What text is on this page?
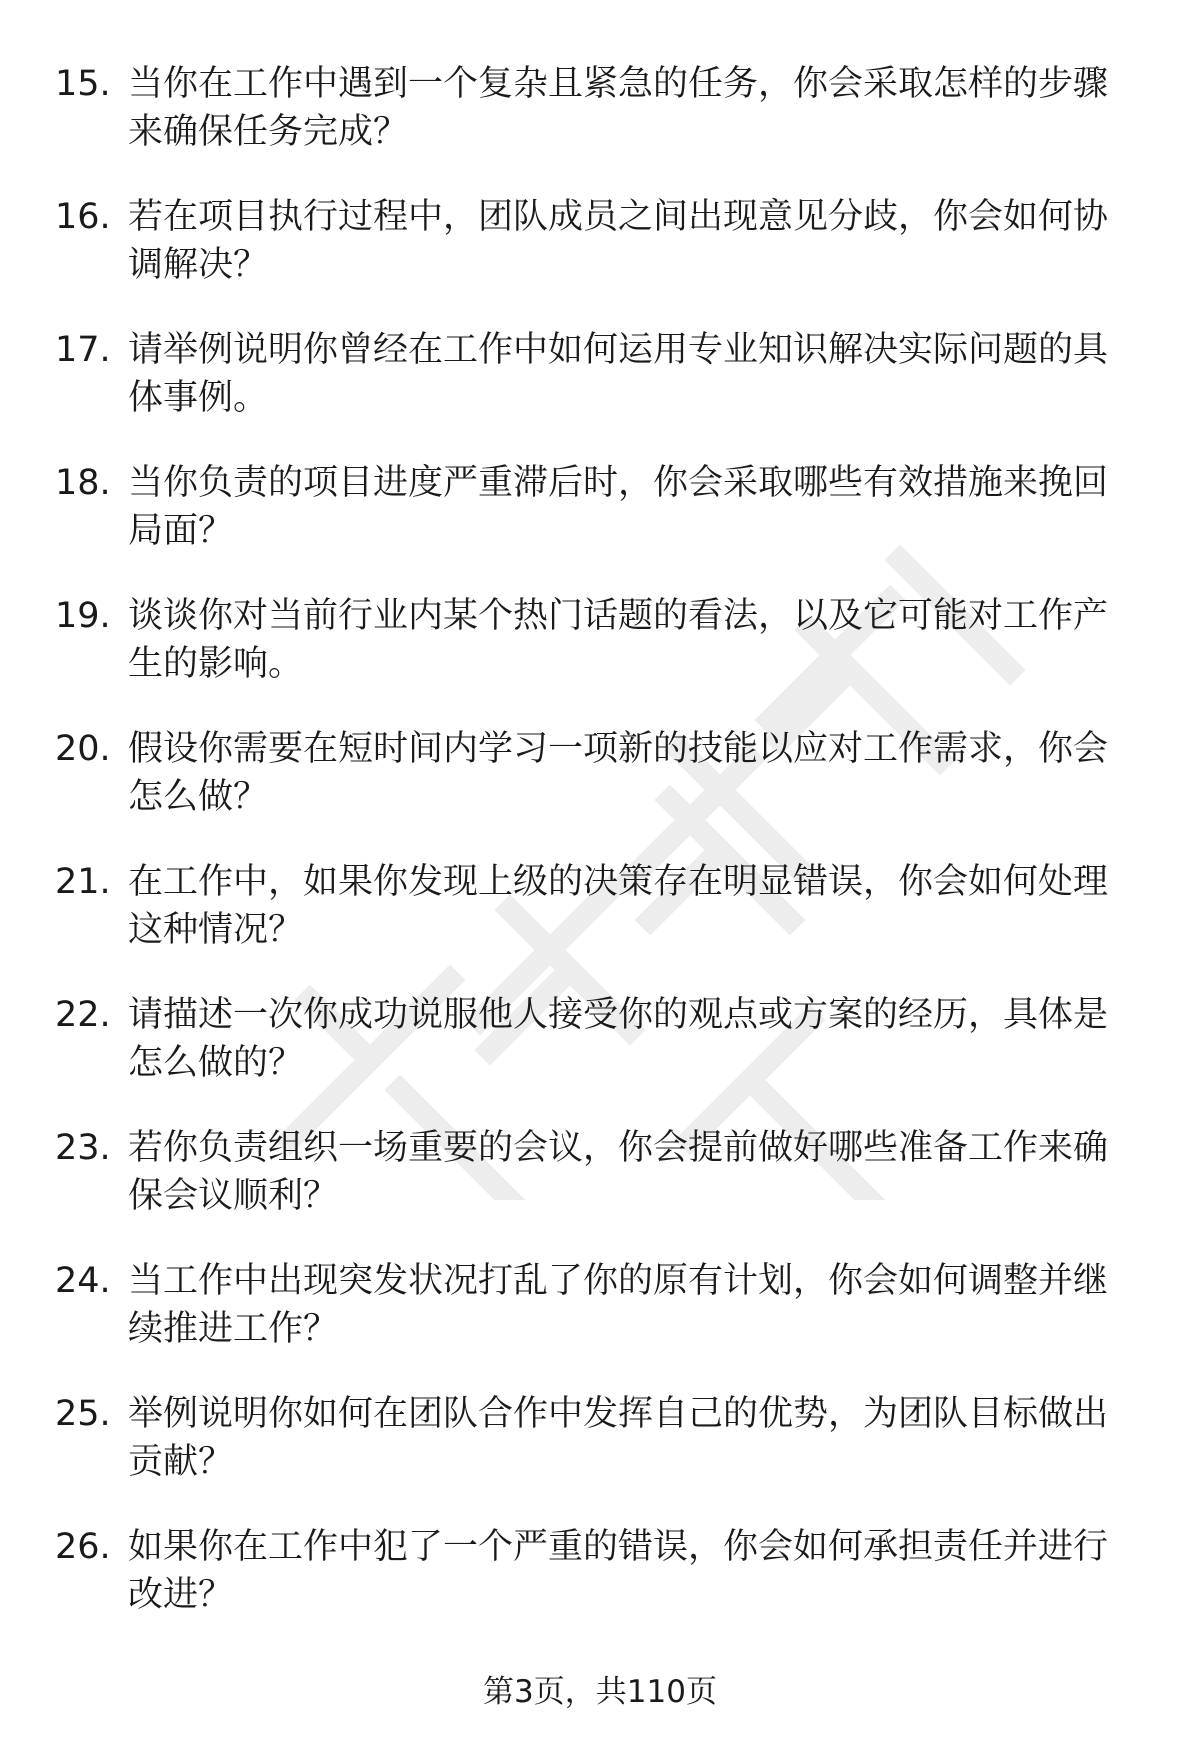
15. 当你在工作中遇到一个复杂且紧急的任务，你会采取怎样的步骤来确保任务完成？
16. 若在项目执行过程中，团队成员之间出现意见分歧，你会如何协调解决？
17. 请举例说明你曾经在工作中如何运用专业知识解决实际问题的具体事例。
18. 当你负责的项目进度严重滞后时，你会采取哪些有效措施来挽回局面？
19. 谈谈你对当前行业内某个热门话题的看法，以及它可能对工作产生的影响。
20. 假设你需要在短时间内学习一项新的技能以应对工作需求，你会怎么做？
21. 在工作中，如果你发现上级的决策存在明显错误，你会如何处理这种情况？
22. 请描述一次你成功说服他人接受你的观点或方案的经历，具体是怎么做的？
23. 若你负责组织一场重要的会议，你会提前做好哪些准备工作来确保会议顺利？
24. 当工作中出现突发状况打乱了你的原有计划，你会如何调整并继续推进工作？
25. 举例说明你如何在团队合作中发挥自己的优势，为团队目标做出贡献？
26. 如果你在工作中犯了一个严重的错误，你会如何承担责任并进行改进？
第3页，共110页
